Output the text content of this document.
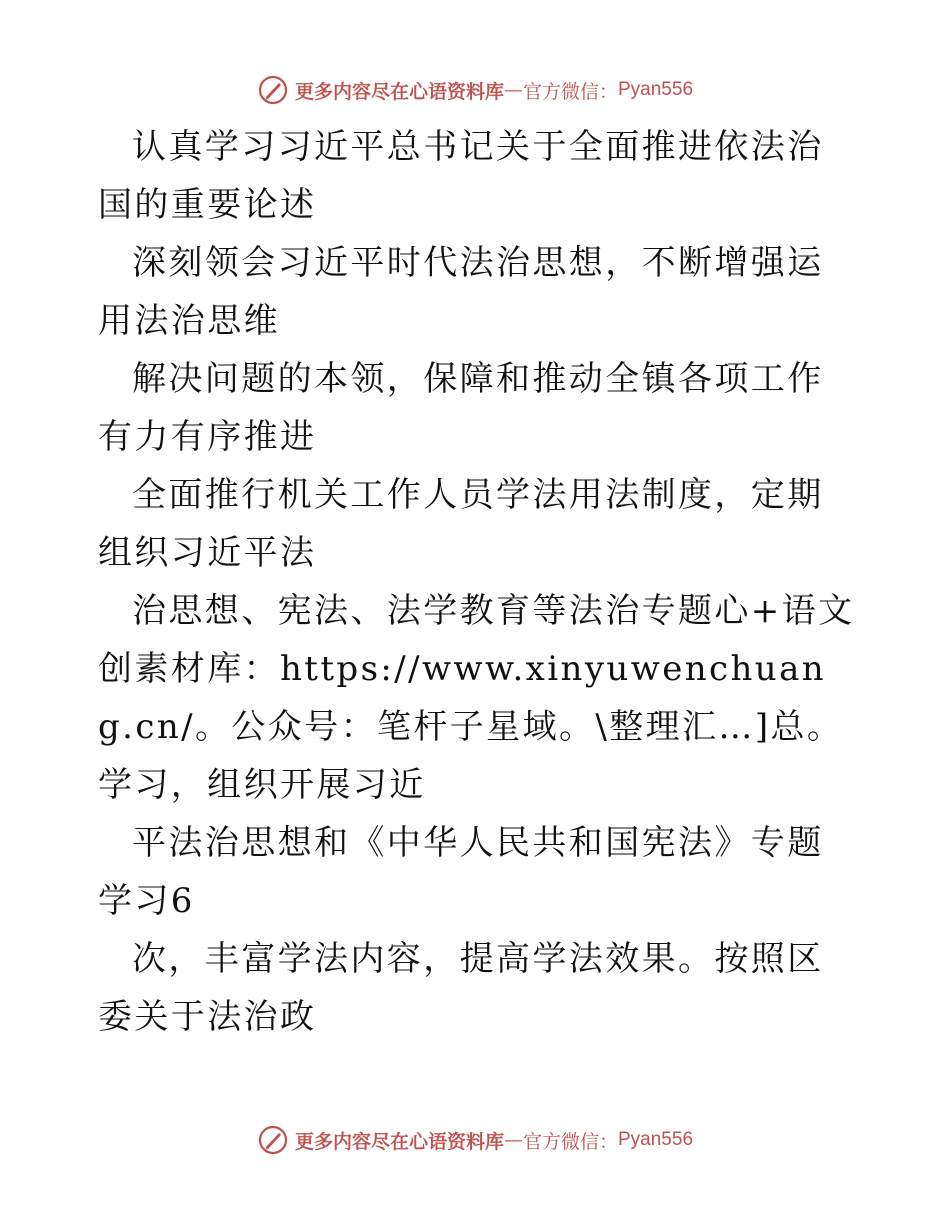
更多内容尽在心语资料库 — 官方微信： Pyan556

认真学习习近平总书记关于全面推进依法治国的重要论述

深刻领会习近平时代法治思想，不断增强运用法治思维

解决问题的本领，保障和推动全镇各项工作有力有序推进

全面推行机关工作人员学法用法制度，定期组织习近平法

治思想、宪法、法学教育等法治专题心+语文创素材库：https://www.xinyuwenchuang.cn/。公众号：笔杆子星域。\整理汇…]总。学习，组织开展习近

平法治思想和《中华人民共和国宪法》专题学习6

次，丰富学法内容，提高学法效果。按照区委关于法治政

更多内容尽在心语资料库 — 官方微信： Pyan556
